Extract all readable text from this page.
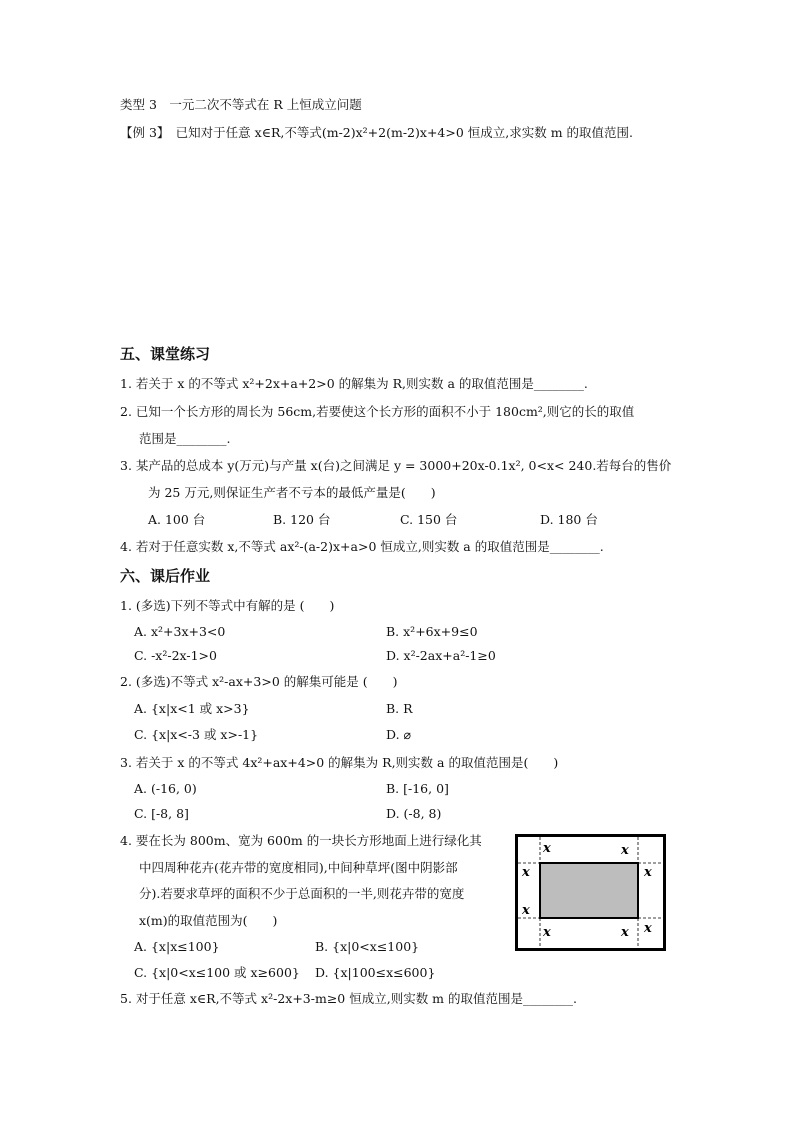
类型 3　一元二次不等式在 R 上恒成立问题
【例 3】　已知对于任意 x∈R,不等式(m-2)x²+2(m-2)x+4>0 恒成立,求实数 m 的取值范围.
五、课堂练习
1. 若关于 x 的不等式 x²+2x+a+2>0 的解集为 R,则实数 a 的取值范围是________.
2. 已知一个长方形的周长为 56cm,若要使这个长方形的面积不小于 180cm²,则它的长的取值
范围是________.
3. 某产品的总成本 y(万元)与产量 x(台)之间满足 y = 3000+20x-0.1x², 0<x< 240.若每台的售价
为 25 万元,则保证生产者不亏本的最低产量是(　　)
A. 100 台	B. 120 台	C. 150 台	D. 180 台
4. 若对于任意实数 x,不等式 ax²-(a-2)x+a>0 恒成立,则实数 a 的取值范围是________.
六、课后作业
1. (多选)下列不等式中有解的是 (　　)
A. x²+3x+3<0	B. x²+6x+9≤0
C. -x²-2x-1>0	D. x²-2ax+a²-1≥0
2. (多选)不等式 x²-ax+3>0 的解集可能是 (　　)
A. {x|x<1 或 x>3}	B. R
C. {x|x<-3 或 x>-1}	D. ⌀
3. 若关于 x 的不等式 4x²+ax+4>0 的解集为 R,则实数 a 的取值范围是(　　)
A. (-16, 0)	B. [-16, 0]
C. [-8, 8]	D. (-8, 8)
4. 要在长为 800m、宽为 600m 的一块长方形地面上进行绿化其
中四周种花卉(花卉带的宽度相同),中间种草坪(图中阴影部
分).若要求草坪的面积不少于总面积的一半,则花卉带的宽度
x(m)的取值范围为(　　)
A. {x|x≤100}	B. {x|0<x≤100}
C. {x|0<x≤100 或 x≥600} D. {x|100≤x≤600}
x	x
x	x
x
x	x x
5. 对于任意 x∈R,不等式 x²-2x+3-m≥0 恒成立,则实数 m 的取值范围是________.
